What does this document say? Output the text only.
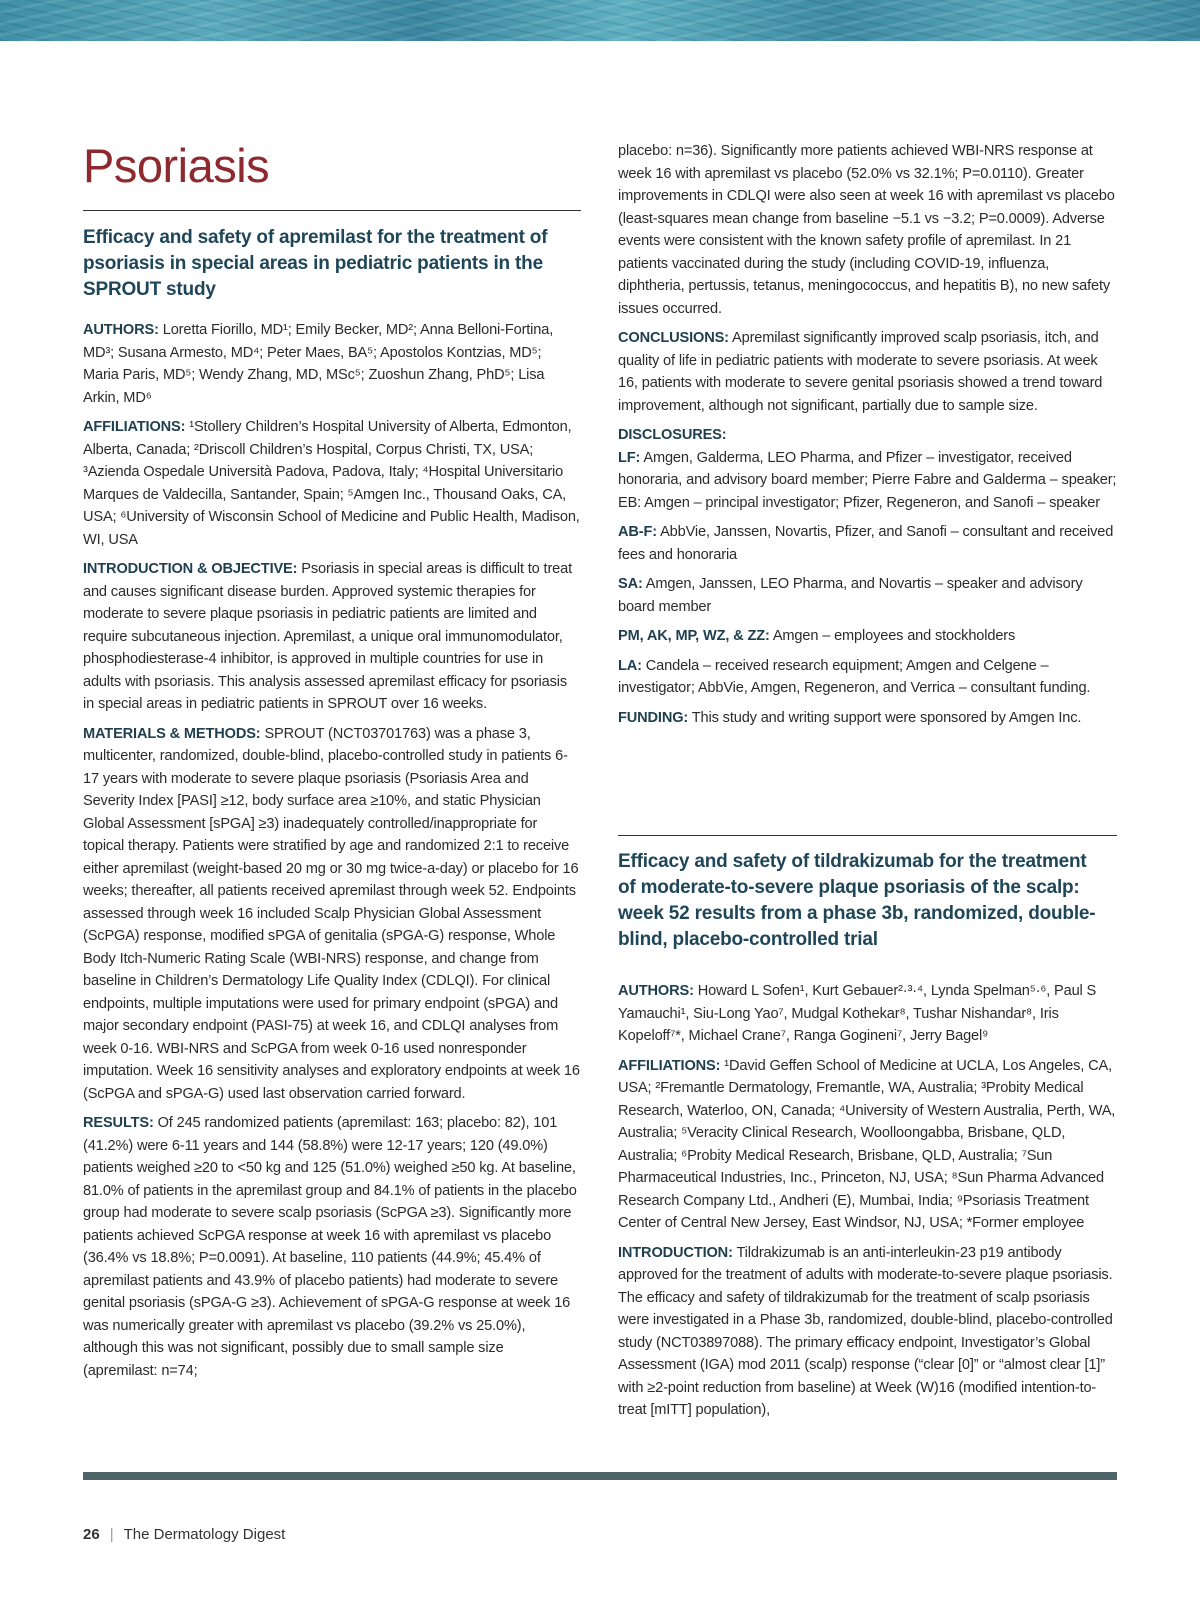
Psoriasis
Efficacy and safety of apremilast for the treatment of psoriasis in special areas in pediatric patients in the SPROUT study

AUTHORS: Loretta Fiorillo, MD¹; Emily Becker, MD²; Anna Belloni-Fortina, MD³; Susana Armesto, MD⁴; Peter Maes, BA⁵; Apostolos Kontzias, MD⁵; Maria Paris, MD⁵; Wendy Zhang, MD, MSc⁵; Zuoshun Zhang, PhD⁵; Lisa Arkin, MD⁶

AFFILIATIONS: ¹Stollery Children’s Hospital University of Alberta, Edmonton, Alberta, Canada; ²Driscoll Children’s Hospital, Corpus Christi, TX, USA; ³Azienda Ospedale Università Padova, Padova, Italy; ⁴Hospital Universitario Marques de Valdecilla, Santander, Spain; ⁵Amgen Inc., Thousand Oaks, CA, USA; ⁶University of Wisconsin School of Medicine and Public Health, Madison, WI, USA

INTRODUCTION & OBJECTIVE: Psoriasis in special areas is difficult to treat and causes significant disease burden. Approved systemic therapies for moderate to severe plaque psoriasis in pediatric patients are limited and require subcutaneous injection. Apremilast, a unique oral immunomodulator, phosphodiesterase-4 inhibitor, is approved in multiple countries for use in adults with psoriasis. This analysis assessed apremilast efficacy for psoriasis in special areas in pediatric patients in SPROUT over 16 weeks.

MATERIALS & METHODS: SPROUT (NCT03701763) was a phase 3, multicenter, randomized, double-blind, placebo-controlled study in patients 6-17 years with moderate to severe plaque psoriasis (Psoriasis Area and Severity Index [PASI] ≥12, body surface area ≥10%, and static Physician Global Assessment [sPGA] ≥3) inadequately controlled/inappropriate for topical therapy. Patients were stratified by age and randomized 2:1 to receive either apremilast (weight-based 20 mg or 30 mg twice-a-day) or placebo for 16 weeks; thereafter, all patients received apremilast through week 52. Endpoints assessed through week 16 included Scalp Physician Global Assessment (ScPGA) response, modified sPGA of genitalia (sPGA-G) response, Whole Body Itch-Numeric Rating Scale (WBI-NRS) response, and change from baseline in Children’s Dermatology Life Quality Index (CDLQI). For clinical endpoints, multiple imputations were used for primary endpoint (sPGA) and major secondary endpoint (PASI-75) at week 16, and CDLQI analyses from week 0-16. WBI-NRS and ScPGA from week 0-16 used nonresponder imputation. Week 16 sensitivity analyses and exploratory endpoints at week 16 (ScPGA and sPGA-G) used last observation carried forward.

RESULTS: Of 245 randomized patients (apremilast: 163; placebo: 82), 101 (41.2%) were 6-11 years and 144 (58.8%) were 12-17 years; 120 (49.0%) patients weighed ≥20 to <50 kg and 125 (51.0%) weighed ≥50 kg. At baseline, 81.0% of patients in the apremilast group and 84.1% of patients in the placebo group had moderate to severe scalp psoriasis (ScPGA ≥3). Significantly more patients achieved ScPGA response at week 16 with apremilast vs placebo (36.4% vs 18.8%; P=0.0091). At baseline, 110 patients (44.9%; 45.4% of apremilast patients and 43.9% of placebo patients) had moderate to severe genital psoriasis (sPGA-G ≥3). Achievement of sPGA-G response at week 16 was numerically greater with apremilast vs placebo (39.2% vs 25.0%), although this was not significant, possibly due to small sample size (apremilast: n=74;

placebo: n=36). Significantly more patients achieved WBI-NRS response at week 16 with apremilast vs placebo (52.0% vs 32.1%; P=0.0110). Greater improvements in CDLQI were also seen at week 16 with apremilast vs placebo (least-squares mean change from baseline −5.1 vs −3.2; P=0.0009). Adverse events were consistent with the known safety profile of apremilast. In 21 patients vaccinated during the study (including COVID-19, influenza, diphtheria, pertussis, tetanus, meningococcus, and hepatitis B), no new safety issues occurred.

CONCLUSIONS: Apremilast significantly improved scalp psoriasis, itch, and quality of life in pediatric patients with moderate to severe psoriasis. At week 16, patients with moderate to severe genital psoriasis showed a trend toward improvement, although not significant, partially due to sample size.

DISCLOSURES:

LF: Amgen, Galderma, LEO Pharma, and Pfizer – investigator, received honoraria, and advisory board member; Pierre Fabre and Galderma – speaker; EB: Amgen – principal investigator; Pfizer, Regeneron, and Sanofi – speaker

AB-F: AbbVie, Janssen, Novartis, Pfizer, and Sanofi – consultant and received fees and honoraria

SA: Amgen, Janssen, LEO Pharma, and Novartis – speaker and advisory board member

PM, AK, MP, WZ, & ZZ: Amgen – employees and stockholders

LA: Candela – received research equipment; Amgen and Celgene – investigator; AbbVie, Amgen, Regeneron, and Verrica – consultant funding.

FUNDING: This study and writing support were sponsored by Amgen Inc.

Efficacy and safety of tildrakizumab for the treatment of moderate-to-severe plaque psoriasis of the scalp: week 52 results from a phase 3b, randomized, double-blind, placebo-controlled trial

AUTHORS: Howard L Sofen¹, Kurt Gebauer²·³·⁴, Lynda Spelman⁵·⁶, Paul S Yamauchi¹, Siu-Long Yao⁷, Mudgal Kothekar⁸, Tushar Nishandar⁸, Iris Kopeloff⁷*, Michael Crane⁷, Ranga Gogineni⁷, Jerry Bagel⁹

AFFILIATIONS: ¹David Geffen School of Medicine at UCLA, Los Angeles, CA, USA; ²Fremantle Dermatology, Fremantle, WA, Australia; ³Probity Medical Research, Waterloo, ON, Canada; ⁴University of Western Australia, Perth, WA, Australia; ⁵Veracity Clinical Research, Woolloongabba, Brisbane, QLD, Australia; ⁶Probity Medical Research, Brisbane, QLD, Australia; ⁷Sun Pharmaceutical Industries, Inc., Princeton, NJ, USA; ⁸Sun Pharma Advanced Research Company Ltd., Andheri (E), Mumbai, India; ⁹Psoriasis Treatment Center of Central New Jersey, East Windsor, NJ, USA; *Former employee

INTRODUCTION: Tildrakizumab is an anti-interleukin-23 p19 antibody approved for the treatment of adults with moderate-to-severe plaque psoriasis. The efficacy and safety of tildrakizumab for the treatment of scalp psoriasis were investigated in a Phase 3b, randomized, double-blind, placebo-controlled study (NCT03897088). The primary efficacy endpoint, Investigator’s Global Assessment (IGA) mod 2011 (scalp) response (“clear [0]” or “almost clear [1]” with ≥2-point reduction from baseline) at Week (W)16 (modified intention-to-treat [mITT] population),

26 | The Dermatology Digest
